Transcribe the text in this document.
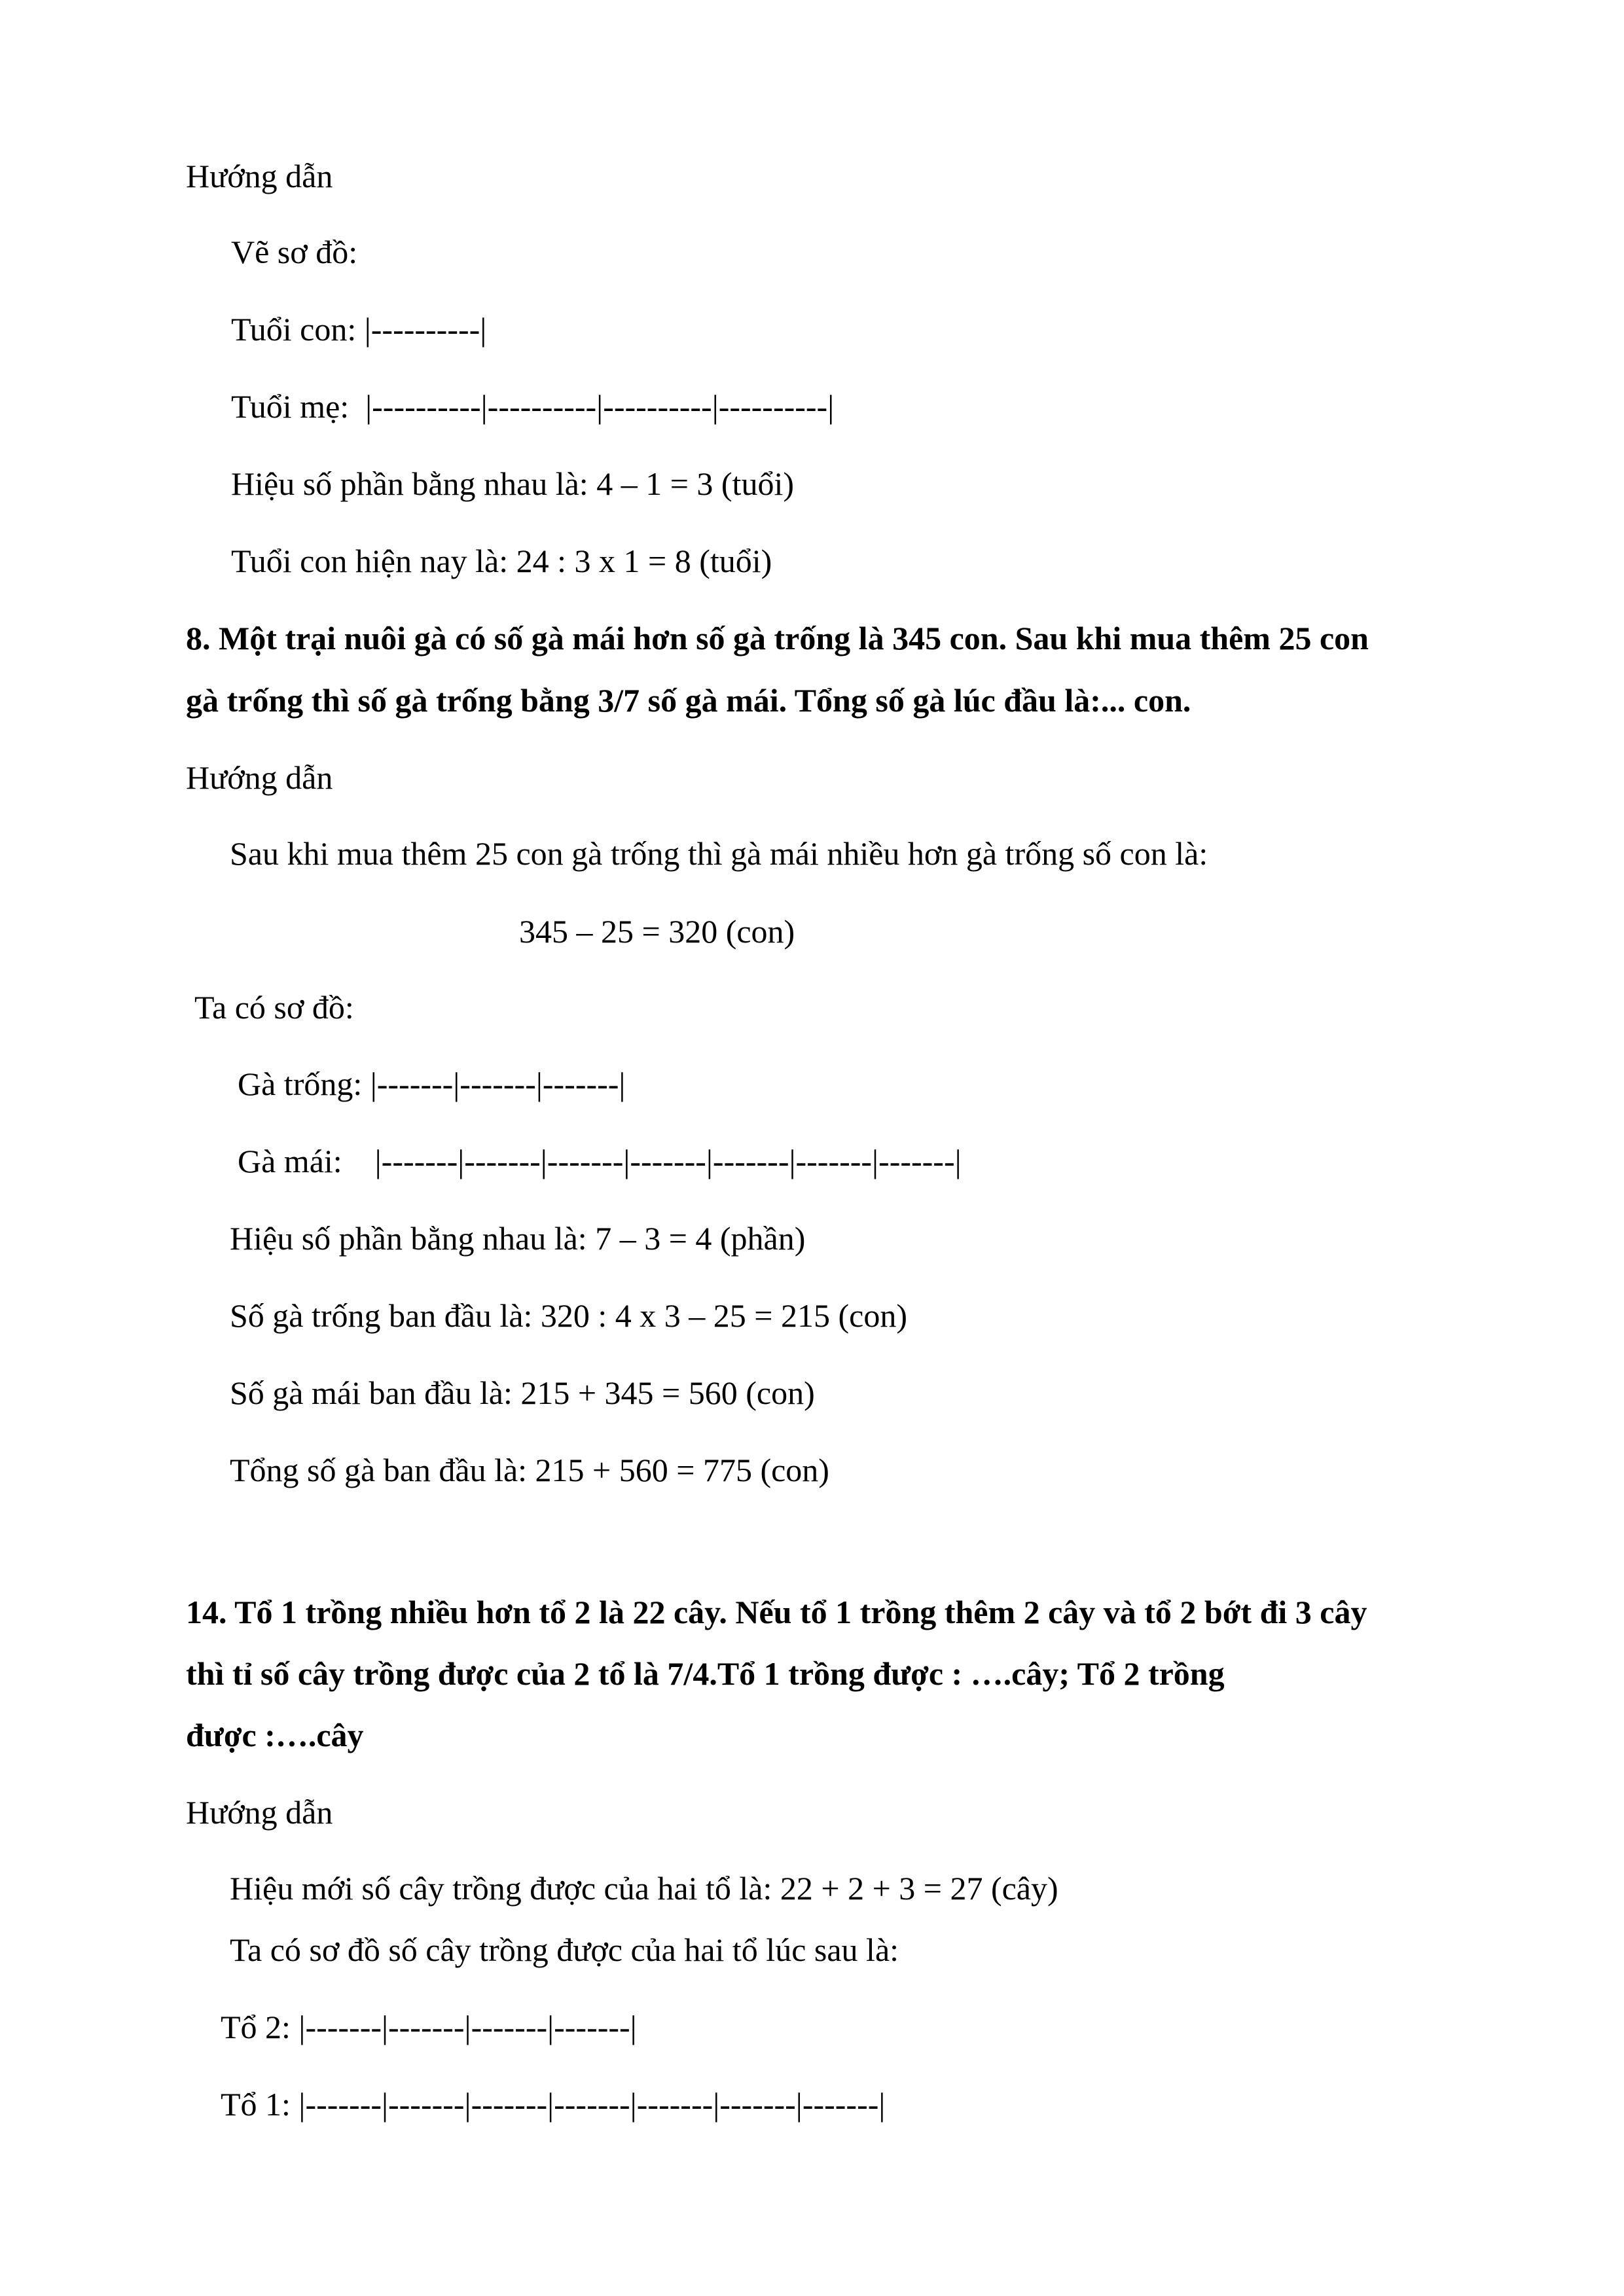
Hướng dẫn
Vẽ sơ đồ:
Tuổi con: |----------|
Tuổi mẹ:  |----------|----------|----------|----------|
Hiệu số phần bằng nhau là: 4 – 1 = 3 (tuổi)
Tuổi con hiện nay là: 24 : 3 x 1 = 8 (tuổi)
8. Một trại nuôi gà có số gà mái hơn số gà trống là 345 con. Sau khi mua thêm 25 con
gà trống thì số gà trống bằng 3/7 số gà mái. Tổng số gà lúc đầu là:... con.
Hướng dẫn
Sau khi mua thêm 25 con gà trống thì gà mái nhiều hơn gà trống số con là:
345 – 25 = 320 (con)
Ta có sơ đồ:
Gà trống: |-------|-------|-------|
Gà mái:    |-------|-------|-------|-------|-------|-------|-------|
Hiệu số phần bằng nhau là: 7 – 3 = 4 (phần)
Số gà trống ban đầu là: 320 : 4 x 3 – 25 = 215 (con)
Số gà mái ban đầu là: 215 + 345 = 560 (con)
Tổng số gà ban đầu là: 215 + 560 = 775 (con)
14. Tổ 1 trồng nhiều hơn tổ 2 là 22 cây. Nếu tổ 1 trồng thêm 2 cây và tổ 2 bớt đi 3 cây
thì tỉ số cây trồng được của 2 tổ là 7/4.Tổ 1 trồng được : ….cây; Tổ 2 trồng
được :….cây
Hướng dẫn
Hiệu mới số cây trồng được của hai tổ là: 22 + 2 + 3 = 27 (cây)
Ta có sơ đồ số cây trồng được của hai tổ lúc sau là:
Tổ 2: |-------|-------|-------|-------|
Tổ 1: |-------|-------|-------|-------|-------|-------|-------|
